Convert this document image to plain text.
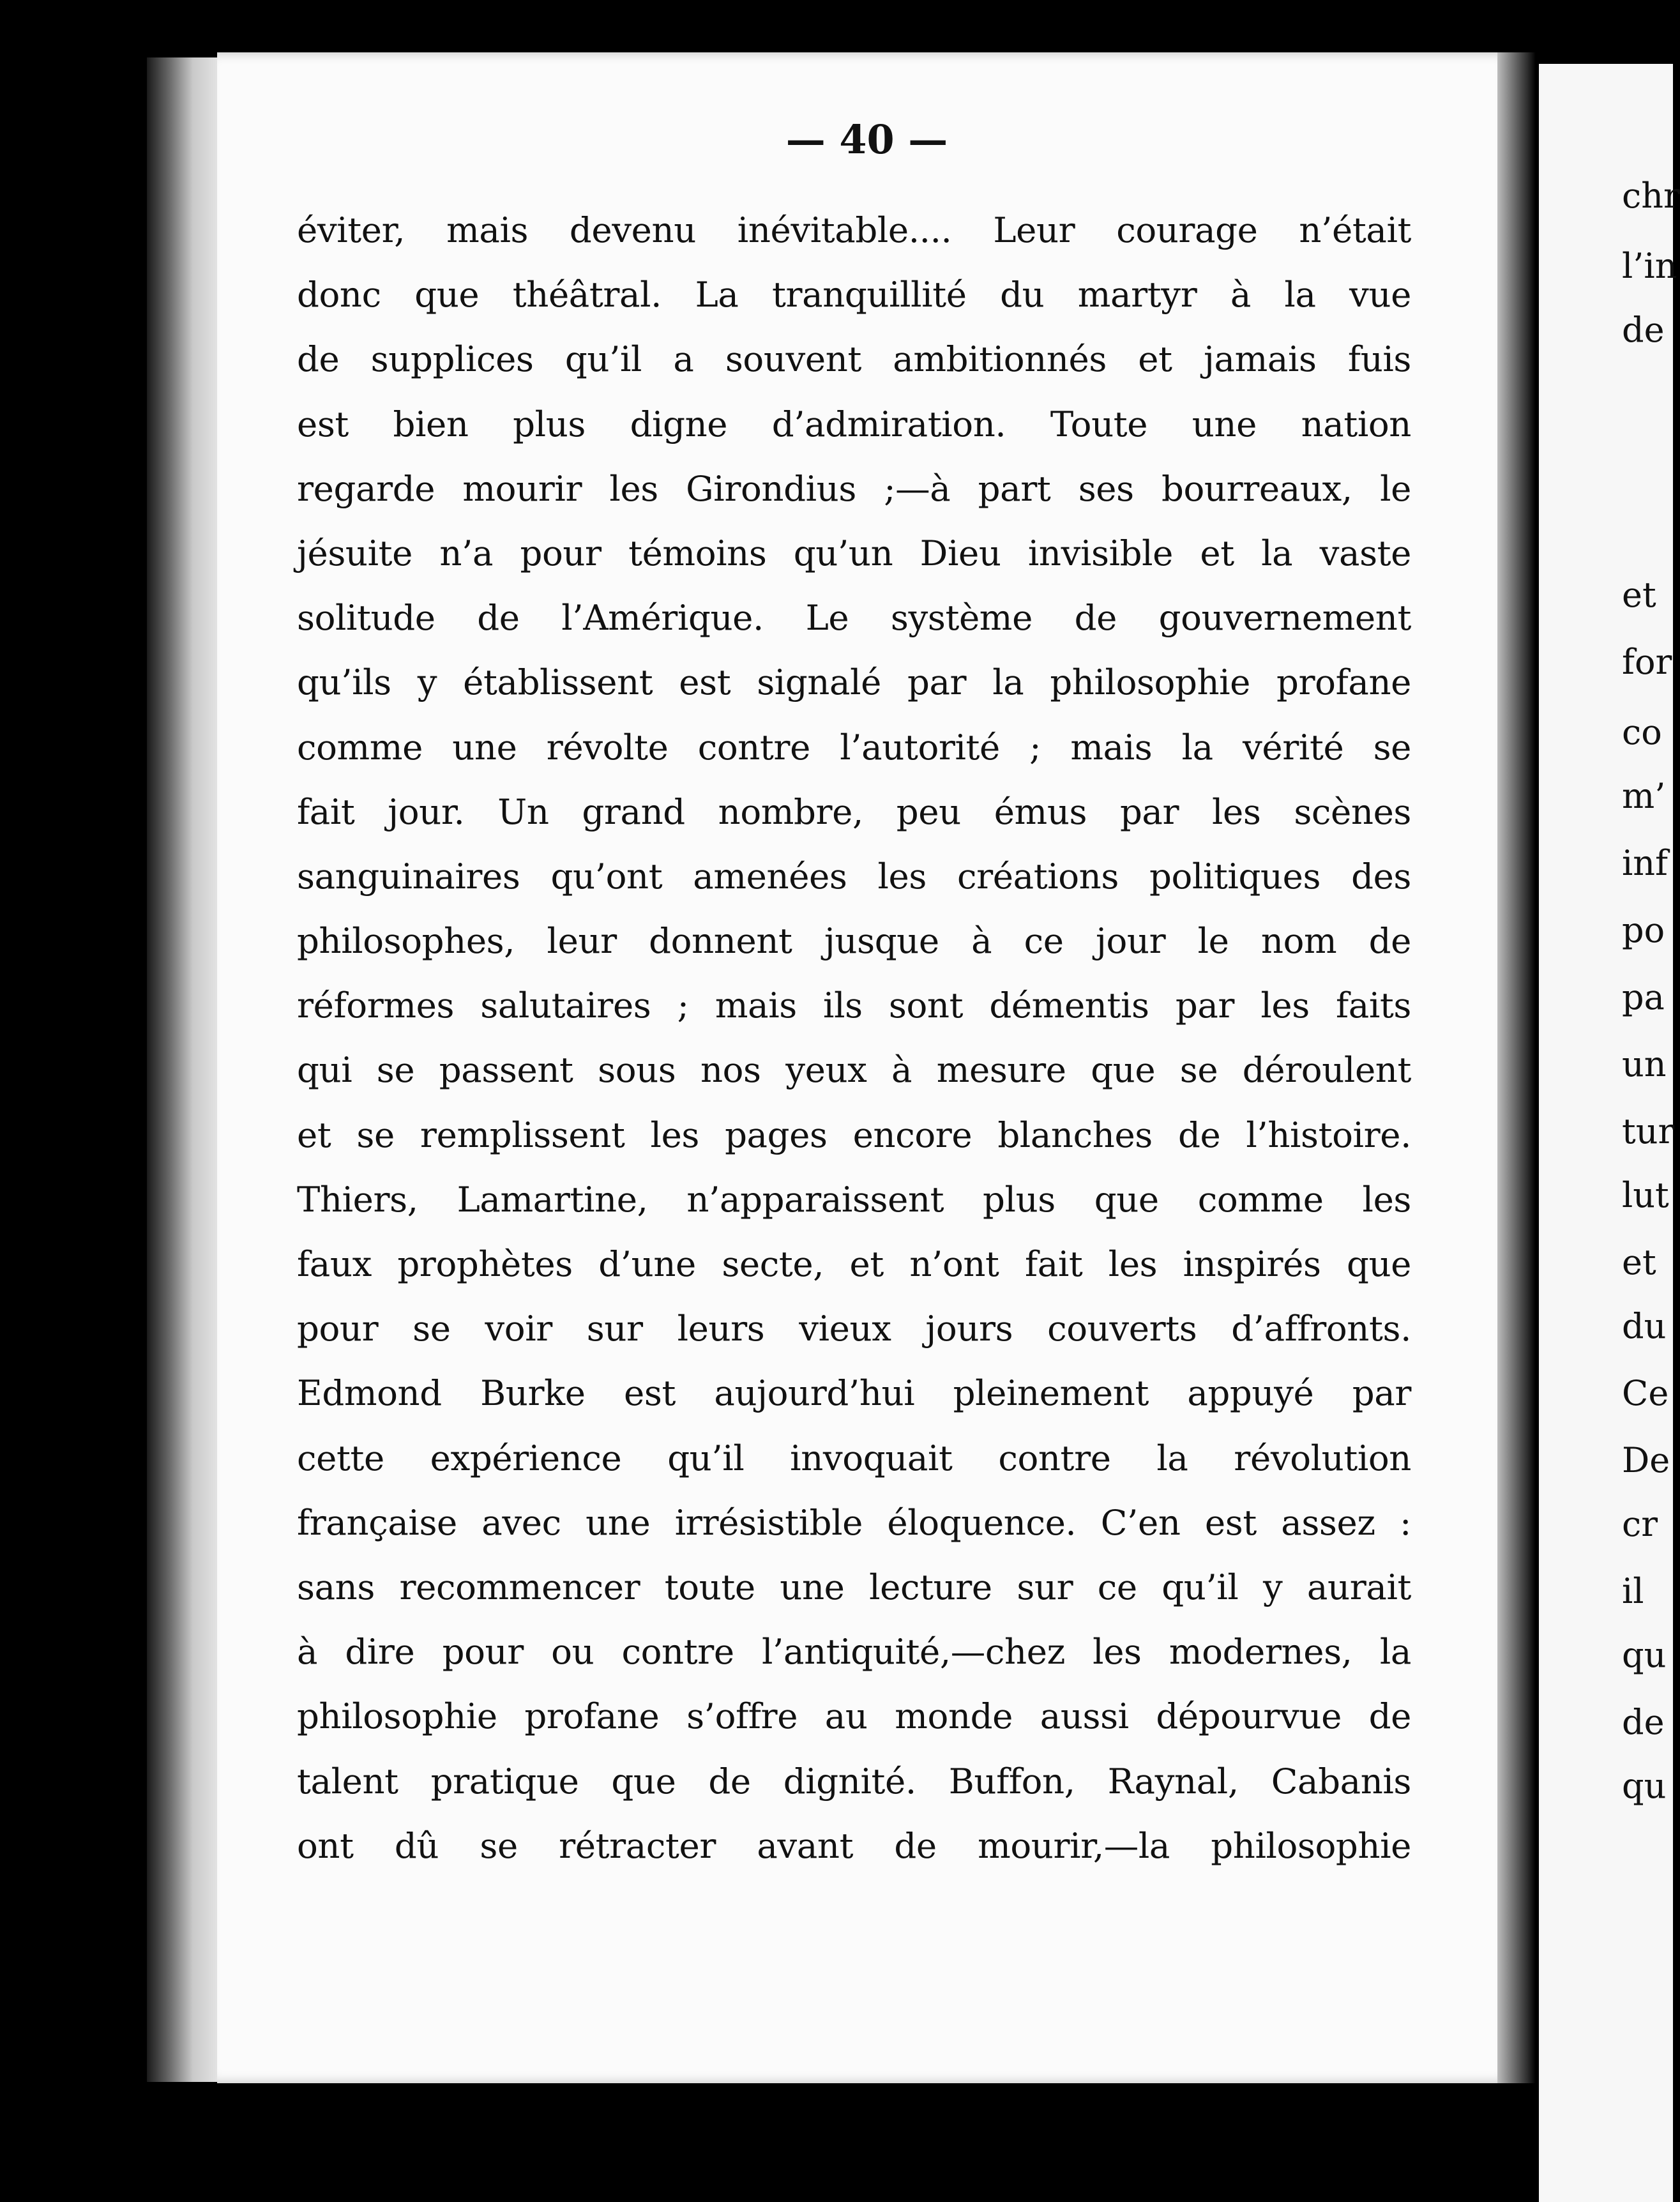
— 40 —
éviter, mais devenu inévitable.... Leur courage n’était
donc que théâtral. La tranquillité du martyr à la vue
de supplices qu’il a souvent ambitionnés et jamais fuis
est bien plus digne d’admiration. Toute une nation
regarde mourir les Girondius ;—à part ses bourreaux, le
jésuite n’a pour témoins qu’un Dieu invisible et la vaste
solitude de l’Amérique. Le système de gouvernement
qu’ils y établissent est signalé par la philosophie profane
comme une révolte contre l’autorité ; mais la vérité se
fait jour. Un grand nombre, peu émus par les scènes
sanguinaires qu’ont amenées les créations politiques des
philosophes, leur donnent jusque à ce jour le nom de
réformes salutaires ; mais ils sont démentis par les faits
qui se passent sous nos yeux à mesure que se déroulent
et se remplissent les pages encore blanches de l’histoire.
Thiers, Lamartine, n’apparaissent plus que comme les
faux prophètes d’une secte, et n’ont fait les inspirés que
pour se voir sur leurs vieux jours couverts d’affronts.
Edmond Burke est aujourd’hui pleinement appuyé par
cette expérience qu’il invoquait contre la révolution
française avec une irrésistible éloquence. C’en est assez :
sans recommencer toute une lecture sur ce qu’il y aurait
à dire pour ou contre l’antiquité,—chez les modernes, la
philosophie profane s’offre au monde aussi dépourvue de
talent pratique que de dignité. Buffon, Raynal, Cabanis
ont dû se rétracter avant de mourir,—la philosophie
chr
l’in
de
et
for
co
m’
inf
po
pa
un
tur
lut
et
du
Ce
De
cr
il
qu
de
qu
